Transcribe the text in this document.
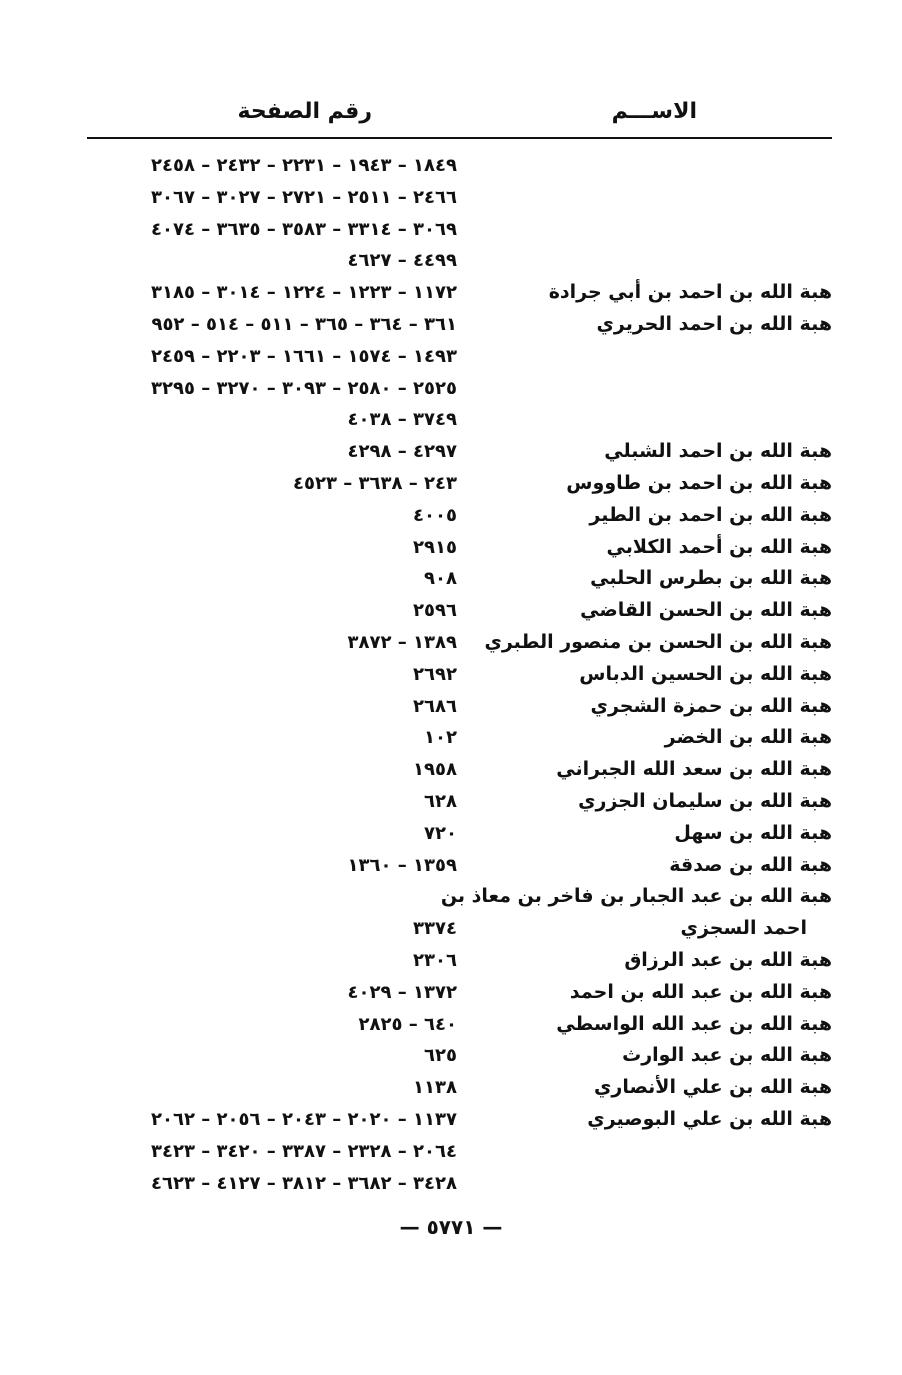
الاســـم
رقم الصفحة
١٨٤٩ – ١٩٤٣ – ٢٢٣١ – ٢٤٣٢ – ٢٤٥٨
٢٤٦٦ – ٢٥١١ – ٢٧٢١ – ٣٠٢٧ – ٣٠٦٧
٣٠٦٩ – ٣٣١٤ – ٣٥٨٣ – ٣٦٣٥ – ٤٠٧٤
٤٤٩٩ – ٤٦٢٧
هبة الله بن احمد بن أبي جرادة
١١٧٢ – ١٢٢٣ – ١٢٢٤ – ٣٠١٤ – ٣١٨٥
هبة الله بن احمد الحريري
٣٦١ – ٣٦٤ – ٣٦٥ – ٥١١ – ٥١٤ – ٩٥٢
١٤٩٣ – ١٥٧٤ – ١٦٦١ – ٢٢٠٣ – ٢٤٥٩
٢٥٢٥ – ٢٥٨٠ – ٣٠٩٣ – ٣٢٧٠ – ٣٢٩٥
٣٧٤٩ – ٤٠٣٨
هبة الله بن احمد الشبلي
٤٢٩٧ – ٤٢٩٨
هبة الله بن احمد بن طاووس
٢٤٣ – ٣٦٣٨ – ٤٥٢٣
هبة الله بن احمد بن الطير
٤٠٠٥
هبة الله بن أحمد الكلابي
٢٩١٥
هبة الله بن بطرس الحلبي
٩٠٨
هبة الله بن الحسن القاضي
٢٥٩٦
هبة الله بن الحسن بن منصور الطبري
١٣٨٩ – ٣٨٧٢
هبة الله بن الحسين الدباس
٢٦٩٢
هبة الله بن حمزة الشجري
٢٦٨٦
هبة الله بن الخضر
١٠٢
هبة الله بن سعد الله الجبراني
١٩٥٨
هبة الله بن سليمان الجزري
٦٢٨
هبة الله بن سهل
٧٢٠
هبة الله بن صدقة
١٣٥٩ – ١٣٦٠
هبة الله بن عبد الجبار بن فاخر بن معاذ بن
احمد السجزي
٣٣٧٤
هبة الله بن عبد الرزاق
٢٣٠٦
هبة الله بن عبد الله بن احمد
١٣٧٢ – ٤٠٢٩
هبة الله بن عبد الله الواسطي
٦٤٠ – ٢٨٢٥
هبة الله بن عبد الوارث
٦٢٥
هبة الله بن علي الأنصاري
١١٣٨
هبة الله بن علي البوصيري
١١٣٧ – ٢٠٢٠ – ٢٠٤٣ – ٢٠٥٦ – ٢٠٦٢
٢٠٦٤ – ٢٣٢٨ – ٣٣٨٧ – ٣٤٢٠ – ٣٤٢٣
٣٤٢٨ – ٣٦٨٢ – ٣٨١٢ – ٤١٢٧ – ٤٦٢٣
— ٥٧٧١ —
